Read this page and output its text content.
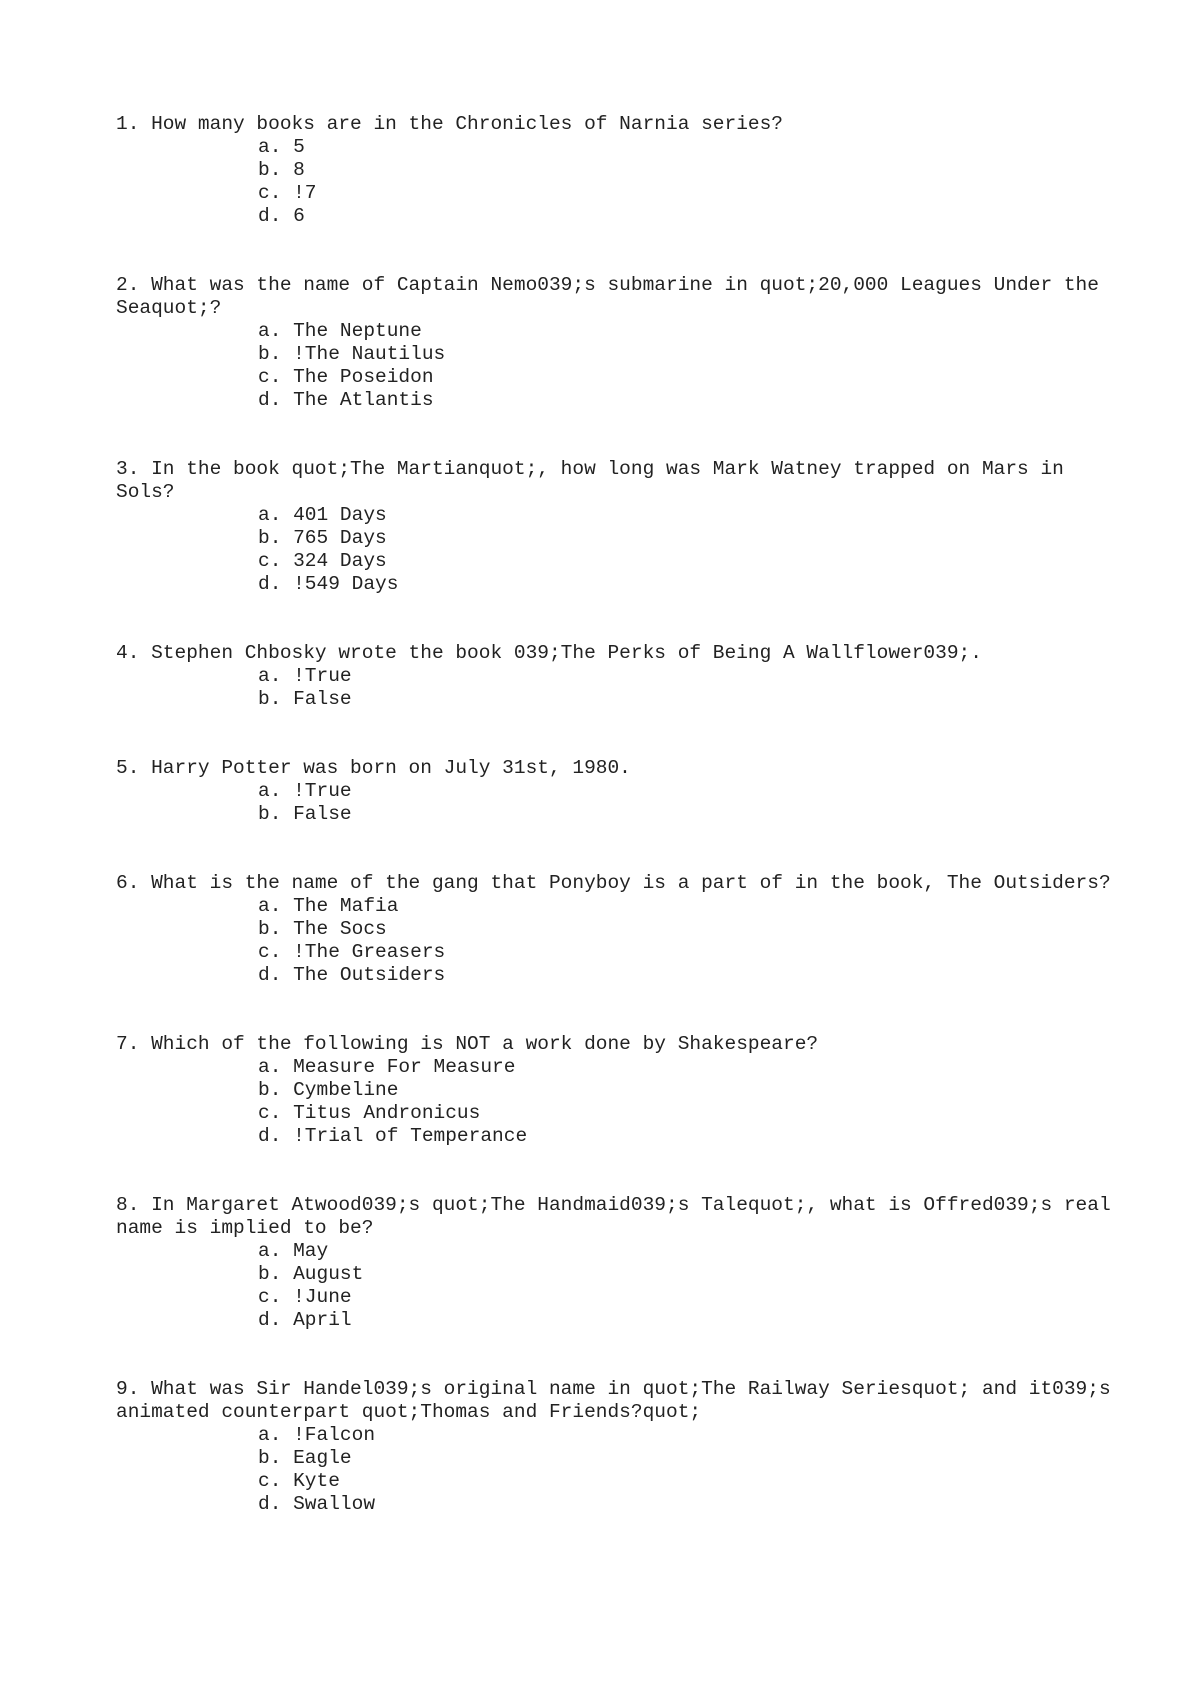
1. How many books are in the Chronicles of Narnia series?

a. 5
b. 8
c. !7
d. 6

2. What was the name of Captain Nemo039;s submarine in quot;20,000 Leagues Under the Seaquot;?

a. The Neptune
b. !The Nautilus
c. The Poseidon
d. The Atlantis

3. In the book quot;The Martianquot;, how long was Mark Watney trapped on Mars in Sols?

a. 401 Days
b. 765 Days
c. 324 Days
d. !549 Days

4. Stephen Chbosky wrote the book 039;The Perks of Being A Wallflower039;.

a. !True
b. False

5. Harry Potter was born on July 31st, 1980.

a. !True
b. False

6. What is the name of the gang that Ponyboy is a part of in the book, The Outsiders?

a. The Mafia
b. The Socs
c. !The Greasers
d. The Outsiders

7. Which of the following is NOT a work done by Shakespeare?

a. Measure For Measure
b. Cymbeline
c. Titus Andronicus
d. !Trial of Temperance

8. In Margaret Atwood039;s quot;The Handmaid039;s Talequot;, what is Offred039;s real name is implied to be?

a. May
b. August
c. !June
d. April

9. What was Sir Handel039;s original name in quot;The Railway Seriesquot; and it039;s animated counterpart quot;Thomas and Friends?quot;

a. !Falcon
b. Eagle
c. Kyte
d. Swallow
